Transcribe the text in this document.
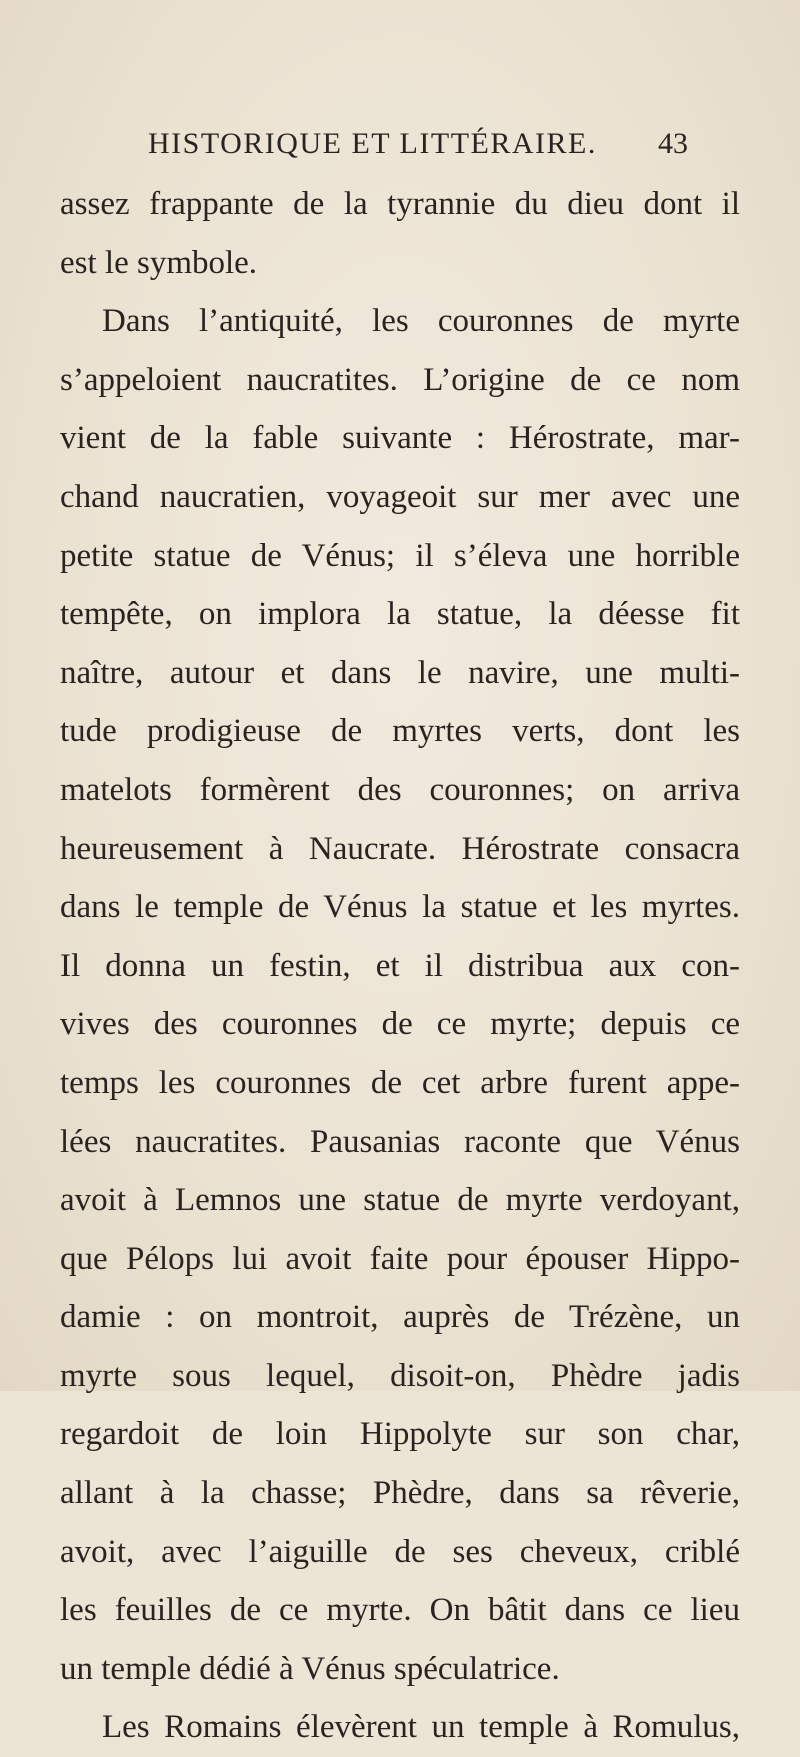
HISTORIQUE ET LITTÉRAIRE. 43
assez frappante de la tyrannie du dieu dont il
est le symbole.
Dans l’antiquité, les couronnes de myrte
s’appeloient naucratites. L’origine de ce nom
vient de la fable suivante : Hérostrate, mar-
chand naucratien, voyageoit sur mer avec une
petite statue de Vénus; il s’éleva une horrible
tempête, on implora la statue, la déesse fit
naître, autour et dans le navire, une multi-
tude prodigieuse de myrtes verts, dont les
matelots formèrent des couronnes; on arriva
heureusement à Naucrate. Hérostrate consacra
dans le temple de Vénus la statue et les myrtes.
Il donna un festin, et il distribua aux con-
vives des couronnes de ce myrte; depuis ce
temps les couronnes de cet arbre furent appe-
lées naucratites. Pausanias raconte que Vénus
avoit à Lemnos une statue de myrte verdoyant,
que Pélops lui avoit faite pour épouser Hippo-
damie : on montroit, auprès de Trézène, un
myrte sous lequel, disoit-on, Phèdre jadis
regardoit de loin Hippolyte sur son char,
allant à la chasse; Phèdre, dans sa rêverie,
avoit, avec l’aiguille de ses cheveux, criblé
les feuilles de ce myrte. On bâtit dans ce lieu
un temple dédié à Vénus spéculatrice.
Les Romains élevèrent un temple à Romulus,
